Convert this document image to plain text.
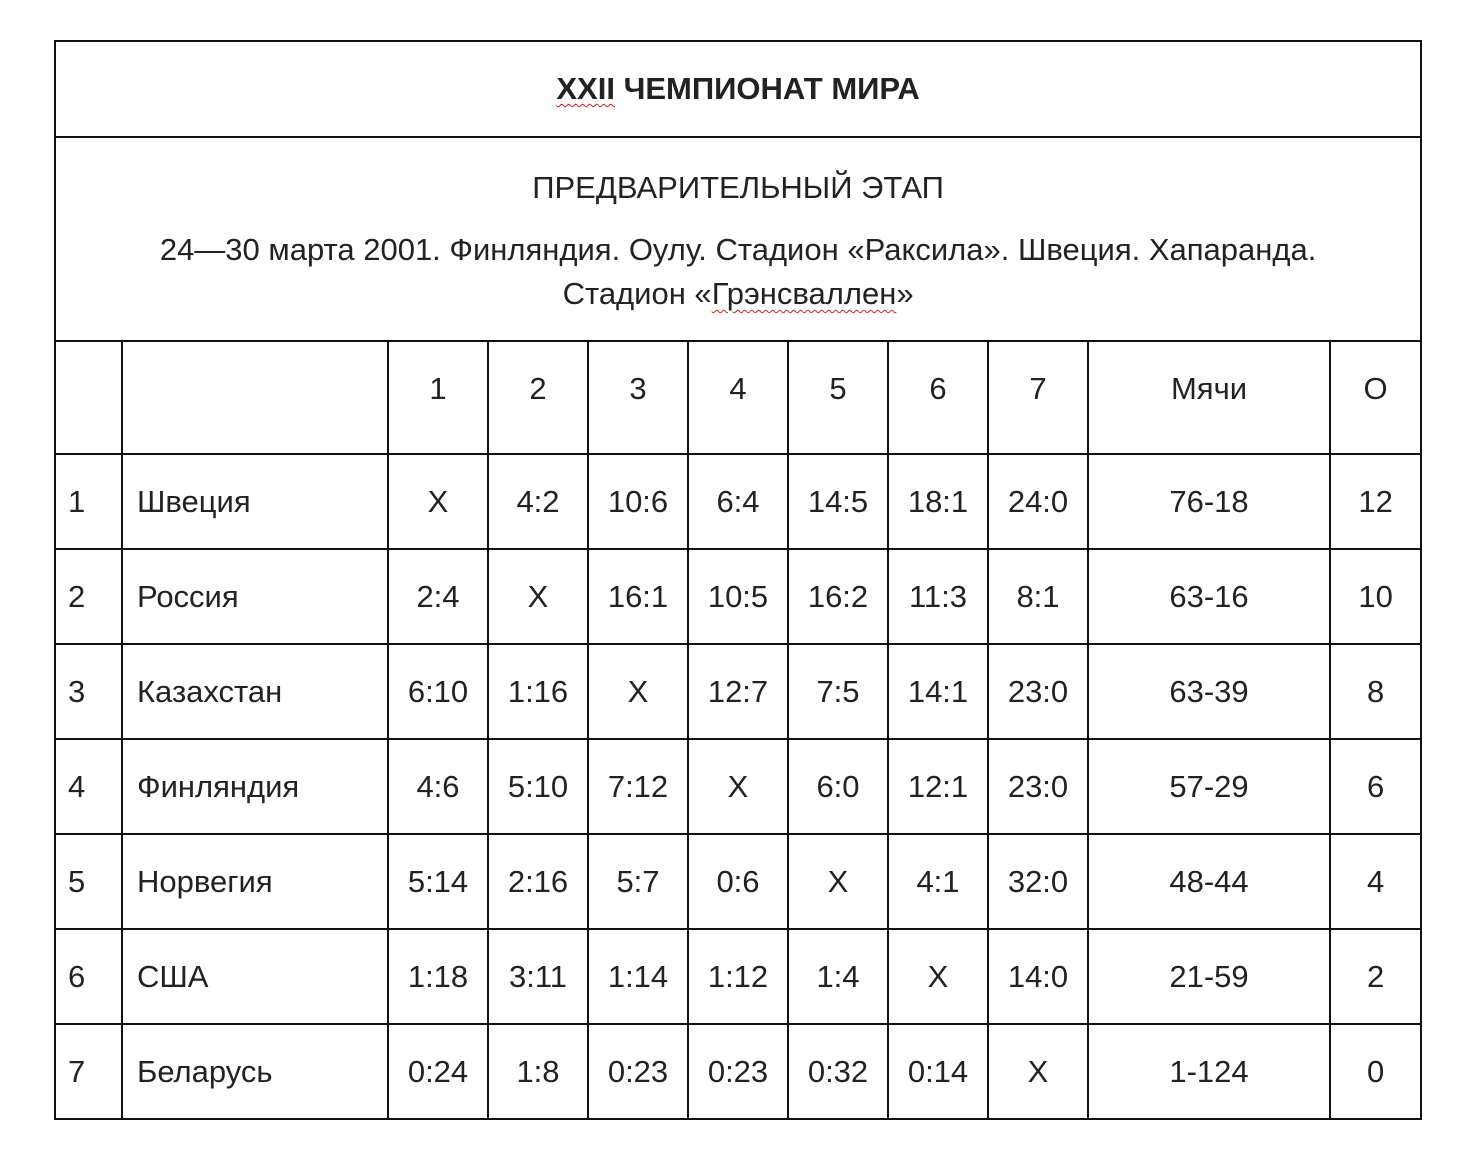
XXII ЧЕМПИОНАТ МИРА										

ПРЕДВАРИТЕЛЬНЫЙ ЭТАП
24—30 марта 2001. Финляндия. Оулу. Стадион «Раксила». Швеция. Хапаранда. Стадион «Грэнсваллен»										

		1	2	3	4	5	6	7	Мячи	О
1	Швеция	X	4:2	10:6	6:4	14:5	18:1	24:0	76-18	12
2	Россия	2:4	X	16:1	10:5	16:2	11:3	8:1	63-16	10
3	Казахстан	6:10	1:16	X	12:7	7:5	14:1	23:0	63-39	8
4	Финляндия	4:6	5:10	7:12	X	6:0	12:1	23:0	57-29	6
5	Норвегия	5:14	2:16	5:7	0:6	X	4:1	32:0	48-44	4
6	США	1:18	3:11	1:14	1:12	1:4	X	14:0	21-59	2
7	Беларусь	0:24	1:8	0:23	0:23	0:32	0:14	X	1-124	0
